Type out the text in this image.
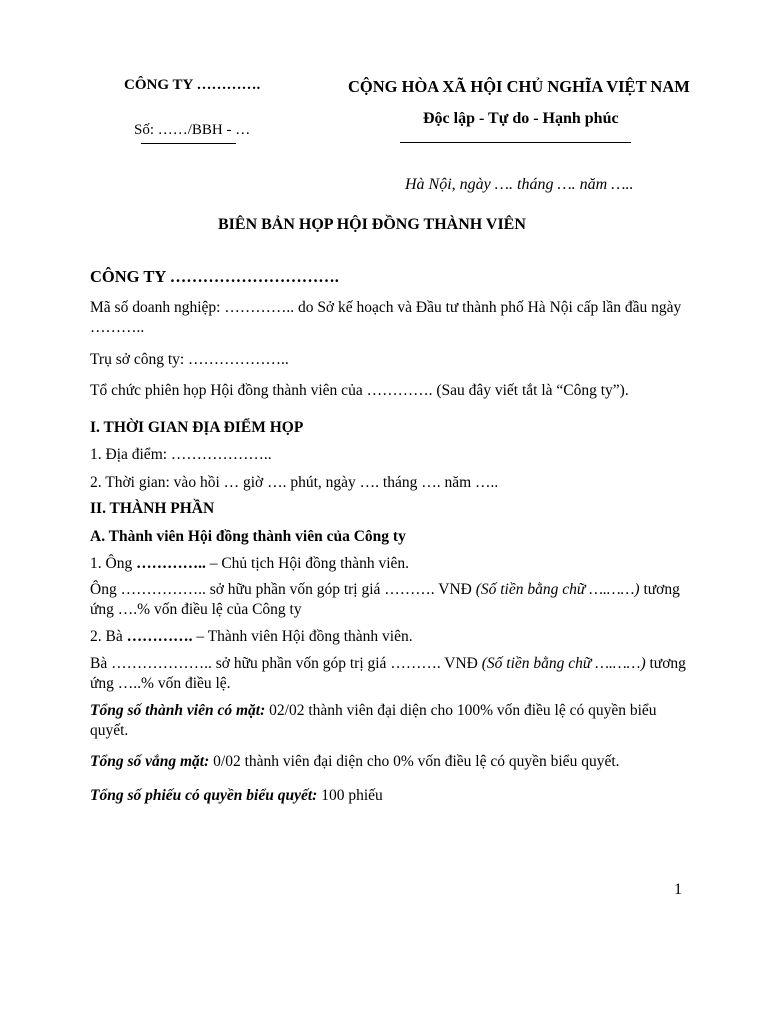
CÔNG TY ………….
Số: ……/BBH - …
CỘNG HÒA XÃ HỘI CHỦ NGHĨA VIỆT NAM
Độc lập - Tự do - Hạnh phúc
Hà Nội, ngày …. tháng …. năm …..
BIÊN BẢN HỌP HỘI ĐỒNG THÀNH VIÊN
CÔNG TY ………………………….
Mã số doanh nghiệp: ………….. do Sở kế hoạch và Đầu tư thành phố Hà Nội cấp lần đầu ngày ………..
Trụ sở công ty: ………………..
Tổ chức phiên họp Hội đồng thành viên của …………. (Sau đây viết tắt là “Công ty”).
I. THỜI GIAN ĐỊA ĐIỂM HỌP
1. Địa điểm: ………………..
2. Thời gian: vào hồi … giờ …. phút, ngày …. tháng …. năm …..
II. THÀNH PHẦN
A. Thành viên Hội đồng thành viên của Công ty
1. Ông ………….. – Chủ tịch Hội đồng thành viên.
Ông …………….. sở hữu phần vốn góp trị giá ………. VNĐ (Số tiền bằng chữ ….……) tương ứng ….% vốn điều lệ của Công ty
2. Bà …………. – Thành viên Hội đồng thành viên.
Bà ……………….. sở hữu phần vốn góp trị giá ………. VNĐ (Số tiền bằng chữ ….……) tương ứng …..% vốn điều lệ.
Tổng số thành viên có mặt: 02/02 thành viên đại diện cho 100% vốn điều lệ có quyền biểu quyết.
Tổng số vắng mặt: 0/02 thành viên đại diện cho 0% vốn điều lệ có quyền biểu quyết.
Tổng số phiếu có quyền biểu quyết: 100 phiếu
1
